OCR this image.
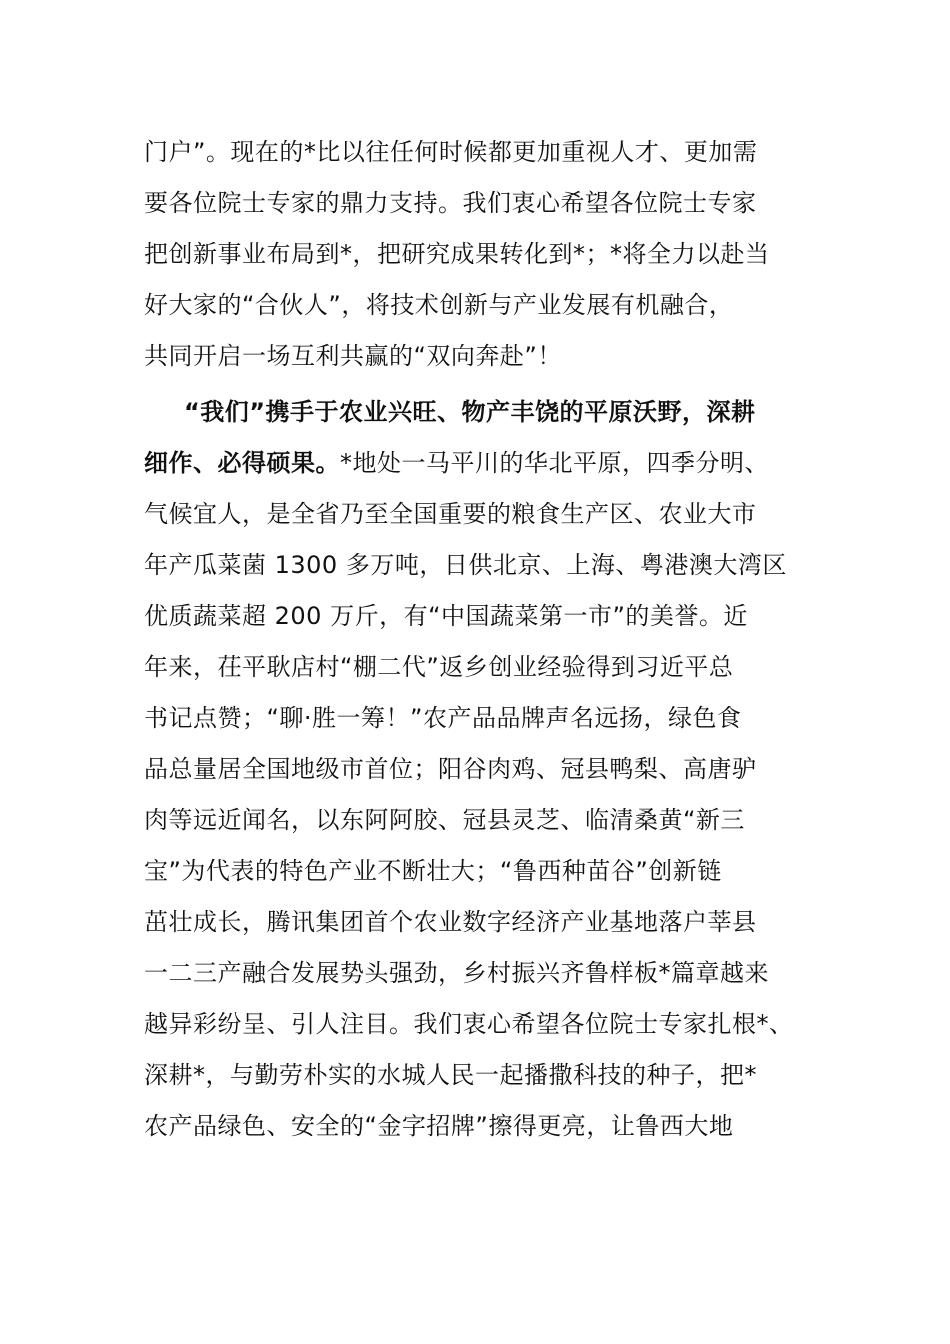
门户”。现在的*比以往任何时候都更加重视人才、更加需
要各位院士专家的鼎力支持。我们衷心希望各位院士专家
把创新事业布局到*，把研究成果转化到*；*将全力以赴当
好大家的“合伙人”，将技术创新与产业发展有机融合，
共同开启一场互利共赢的“双向奔赴”！
“我们”携手于农业兴旺、物产丰饶的平原沃野，深耕
细作、必得硕果。*地处一马平川的华北平原，四季分明、
气候宜人，是全省乃至全国重要的粮食生产区、农业大市
年产瓜菜菌 1300 多万吨，日供北京、上海、粤港澳大湾区
优质蔬菜超 200 万斤，有“中国蔬菜第一市”的美誉。近
年来，茌平耿店村“棚二代”返乡创业经验得到习近平总
书记点赞；“聊·胜一筹！”农产品品牌声名远扬，绿色食
品总量居全国地级市首位；阳谷肉鸡、冠县鸭梨、高唐驴
肉等远近闻名，以东阿阿胶、冠县灵芝、临清桑黄“新三
宝”为代表的特色产业不断壮大；“鲁西种苗谷”创新链
茁壮成长，腾讯集团首个农业数字经济产业基地落户莘县
一二三产融合发展势头强劲，乡村振兴齐鲁样板*篇章越来
越异彩纷呈、引人注目。我们衷心希望各位院士专家扎根*、
深耕*，与勤劳朴实的水城人民一起播撒科技的种子，把*
农产品绿色、安全的“金字招牌”擦得更亮，让鲁西大地
